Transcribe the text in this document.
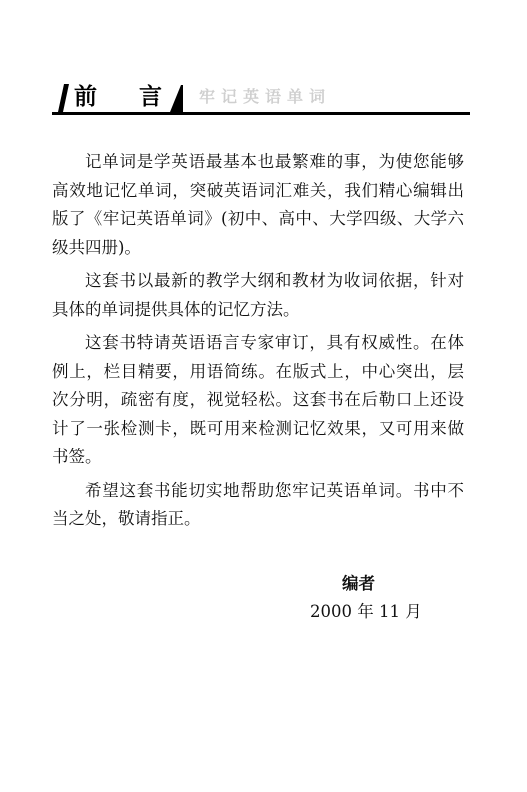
前 言 牢记英语单词

记单词是学英语最基本也最繁难的事，为使您能够高效地记忆单词，突破英语词汇难关，我们精心编辑出版了《牢记英语单词》(初中、高中、大学四级、大学六级共四册)。

这套书以最新的教学大纲和教材为收词依据，针对具体的单词提供具体的记忆方法。

这套书特请英语语言专家审订，具有权威性。在体例上，栏目精要，用语简练。在版式上，中心突出，层次分明，疏密有度，视觉轻松。这套书在后勒口上还设计了一张检测卡，既可用来检测记忆效果，又可用来做书签。

希望这套书能切实地帮助您牢记英语单词。书中不当之处，敬请指正。

编者
2000 年 11 月
